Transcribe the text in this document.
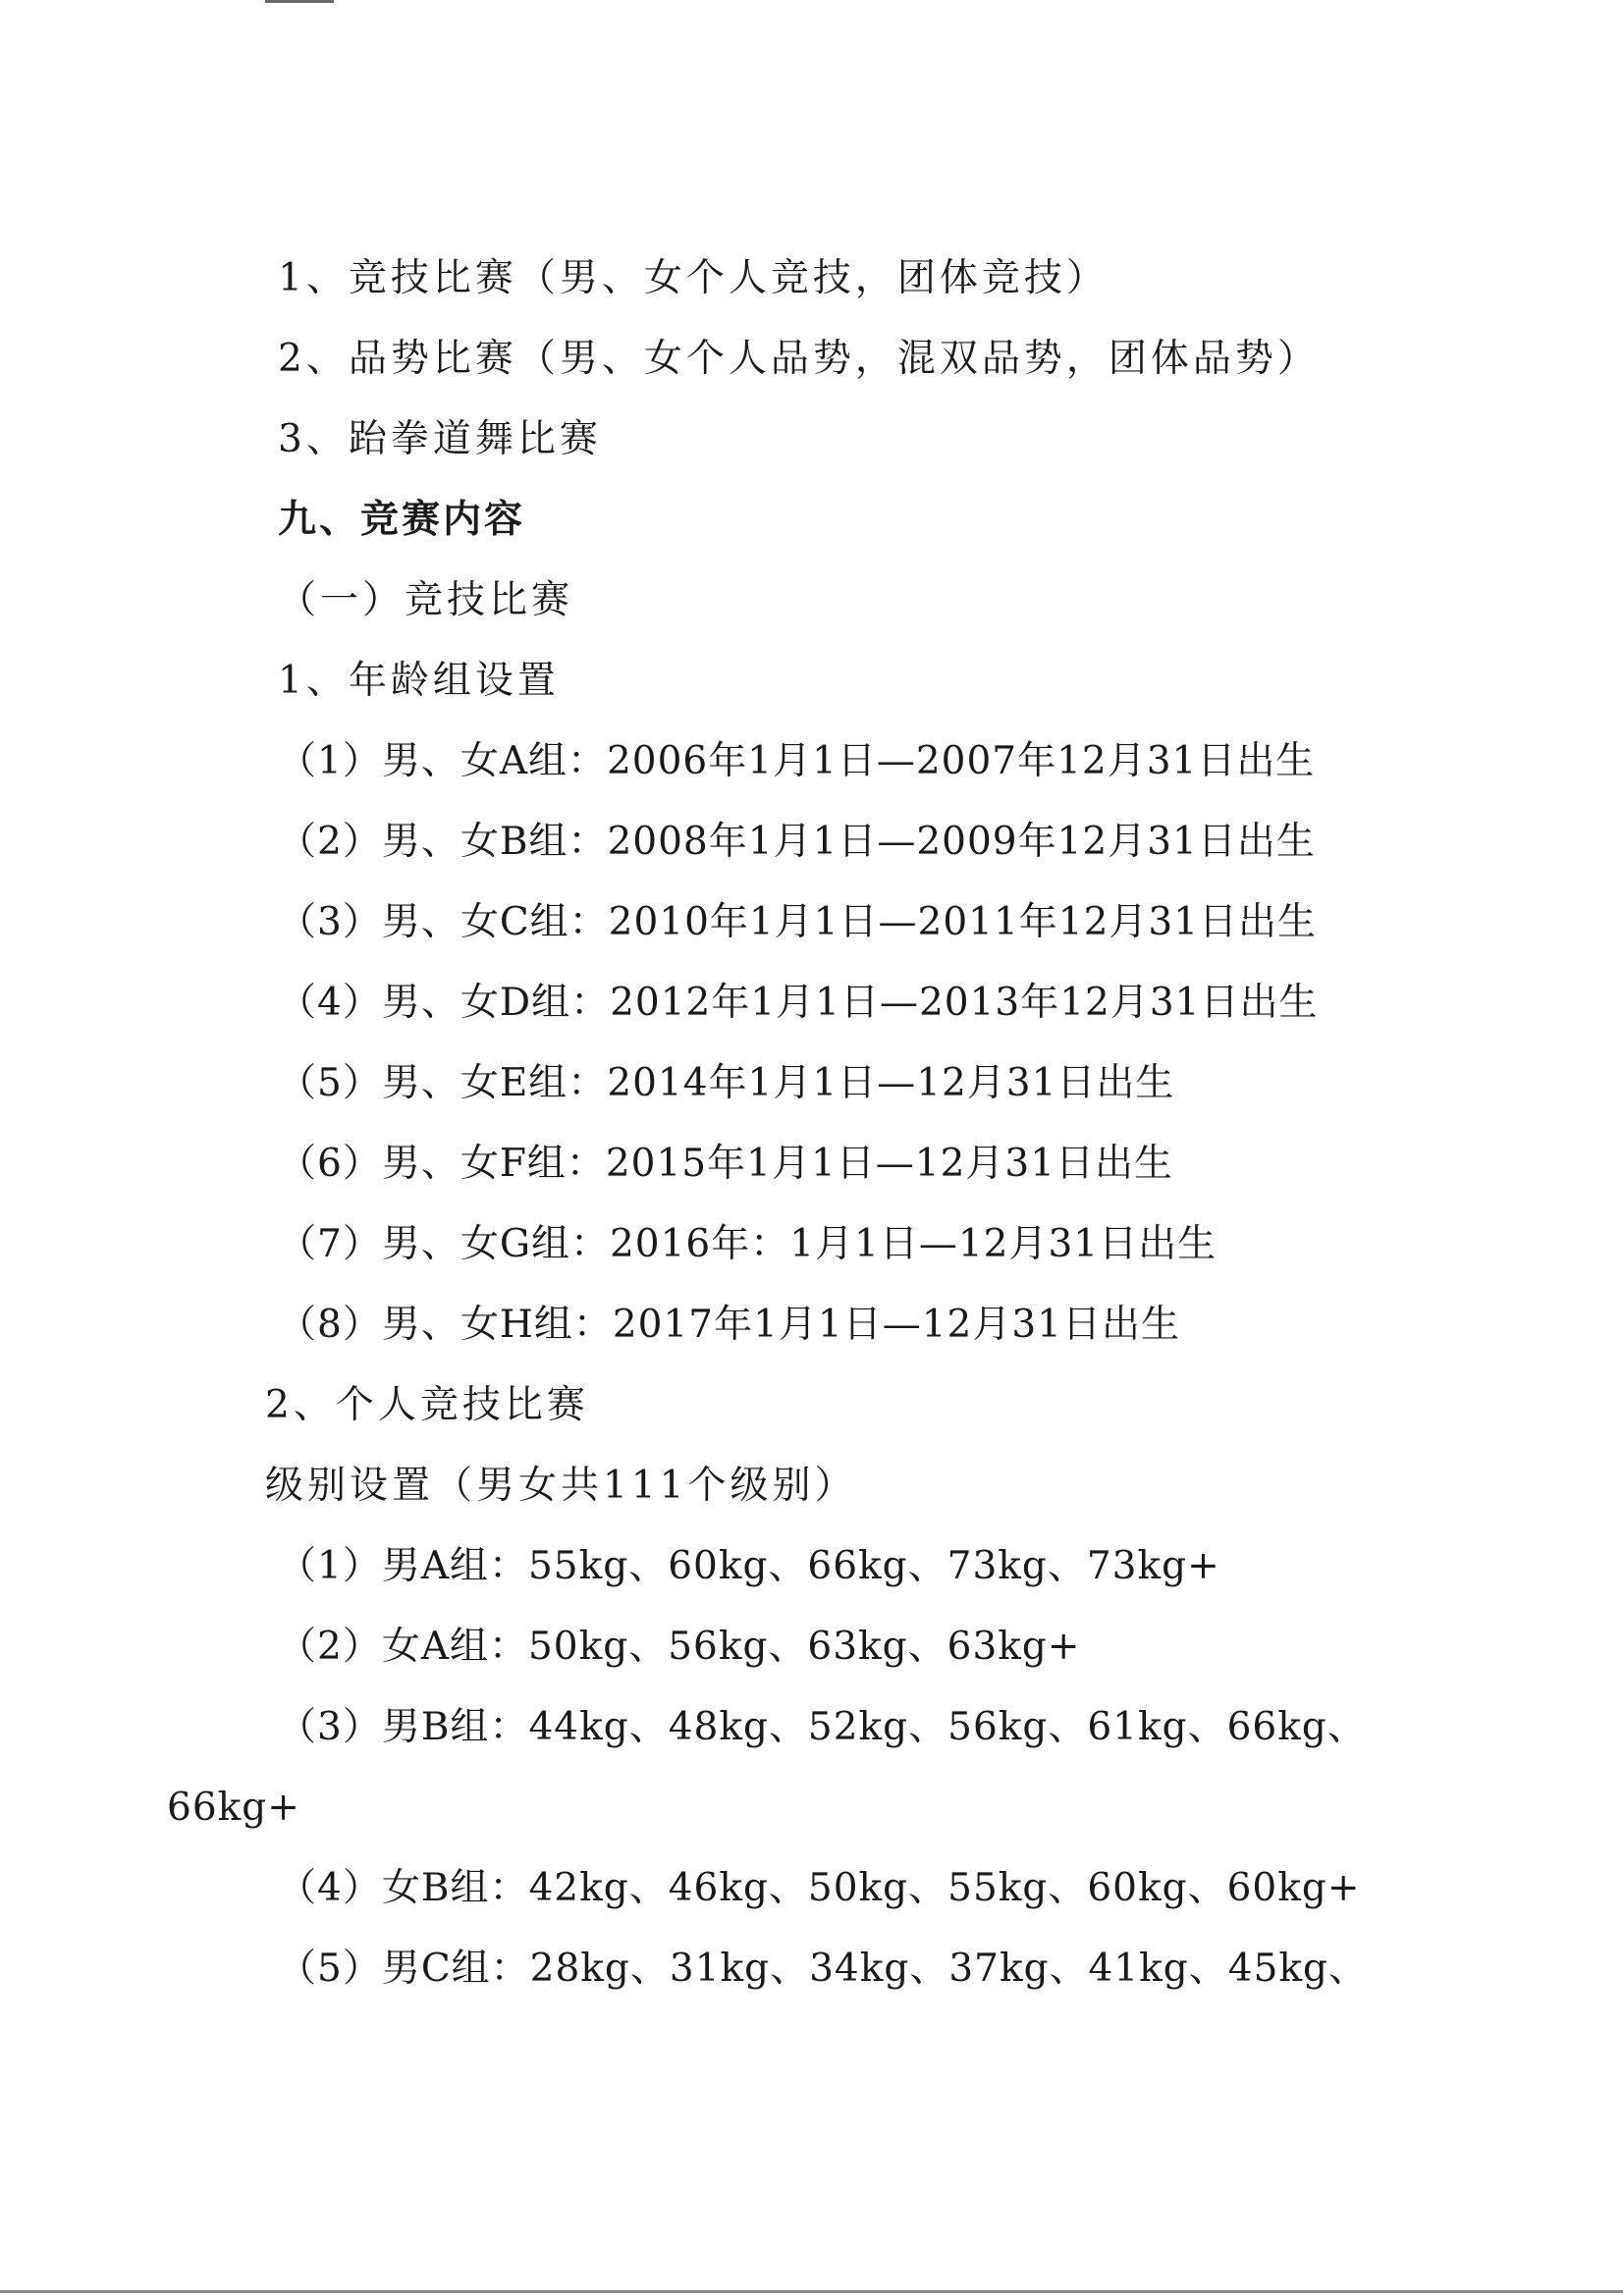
1、竞技比赛（男、女个人竞技，团体竞技）
2、品势比赛（男、女个人品势，混双品势，团体品势）
3、跆拳道舞比赛
九、竞赛内容
（一）竞技比赛
1、年龄组设置
（1）男、女A组：2006年1月1日—2007年12月31日出生
（2）男、女B组：2008年1月1日—2009年12月31日出生
（3）男、女C组：2010年1月1日—2011年12月31日出生
（4）男、女D组：2012年1月1日—2013年12月31日出生
（5）男、女E组：2014年1月1日—12月31日出生
（6）男、女F组：2015年1月1日—12月31日出生
（7）男、女G组：2016年：1月1日—12月31日出生
（8）男、女H组：2017年1月1日—12月31日出生
2、个人竞技比赛
级别设置（男女共111个级别）
（1）男A组：55kg、60kg、66kg、73kg、73kg+
（2）女A组：50kg、56kg、63kg、63kg+
（3）男B组：44kg、48kg、52kg、56kg、61kg、66kg、
66kg+
（4）女B组：42kg、46kg、50kg、55kg、60kg、60kg+
（5）男C组：28kg、31kg、34kg、37kg、41kg、45kg、
